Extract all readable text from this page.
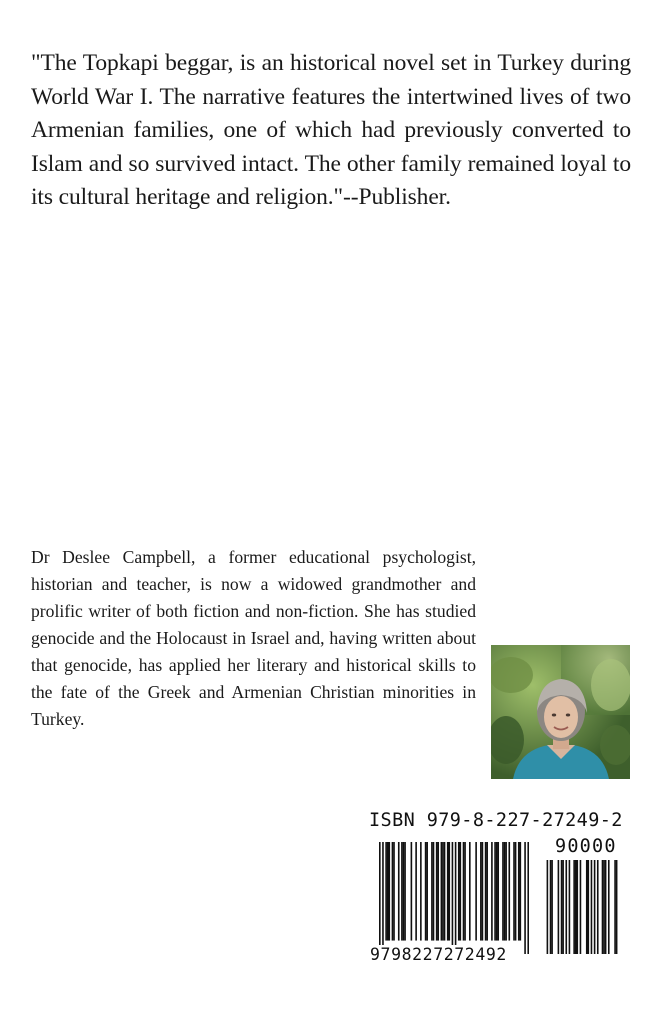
"The Topkapi beggar, is an historical novel set in Turkey during World War I. The narrative features the intertwined lives of two Armenian families, one of which had previously converted to Islam and so survived intact. The other family remained loyal to its cultural heritage and religion."--Publisher.

Dr Deslee Campbell, a former educational psychologist, historian and teacher, is now a widowed grandmother and prolific writer of both fiction and non-fiction. She has studied genocide and the Holocaust in Israel and, having written about that genocide, has applied her literary and historical skills to the fate of the Greek and Armenian Christian minorities in Turkey.

ISBN 979-8-227-27249-2
90000
9798227272492
